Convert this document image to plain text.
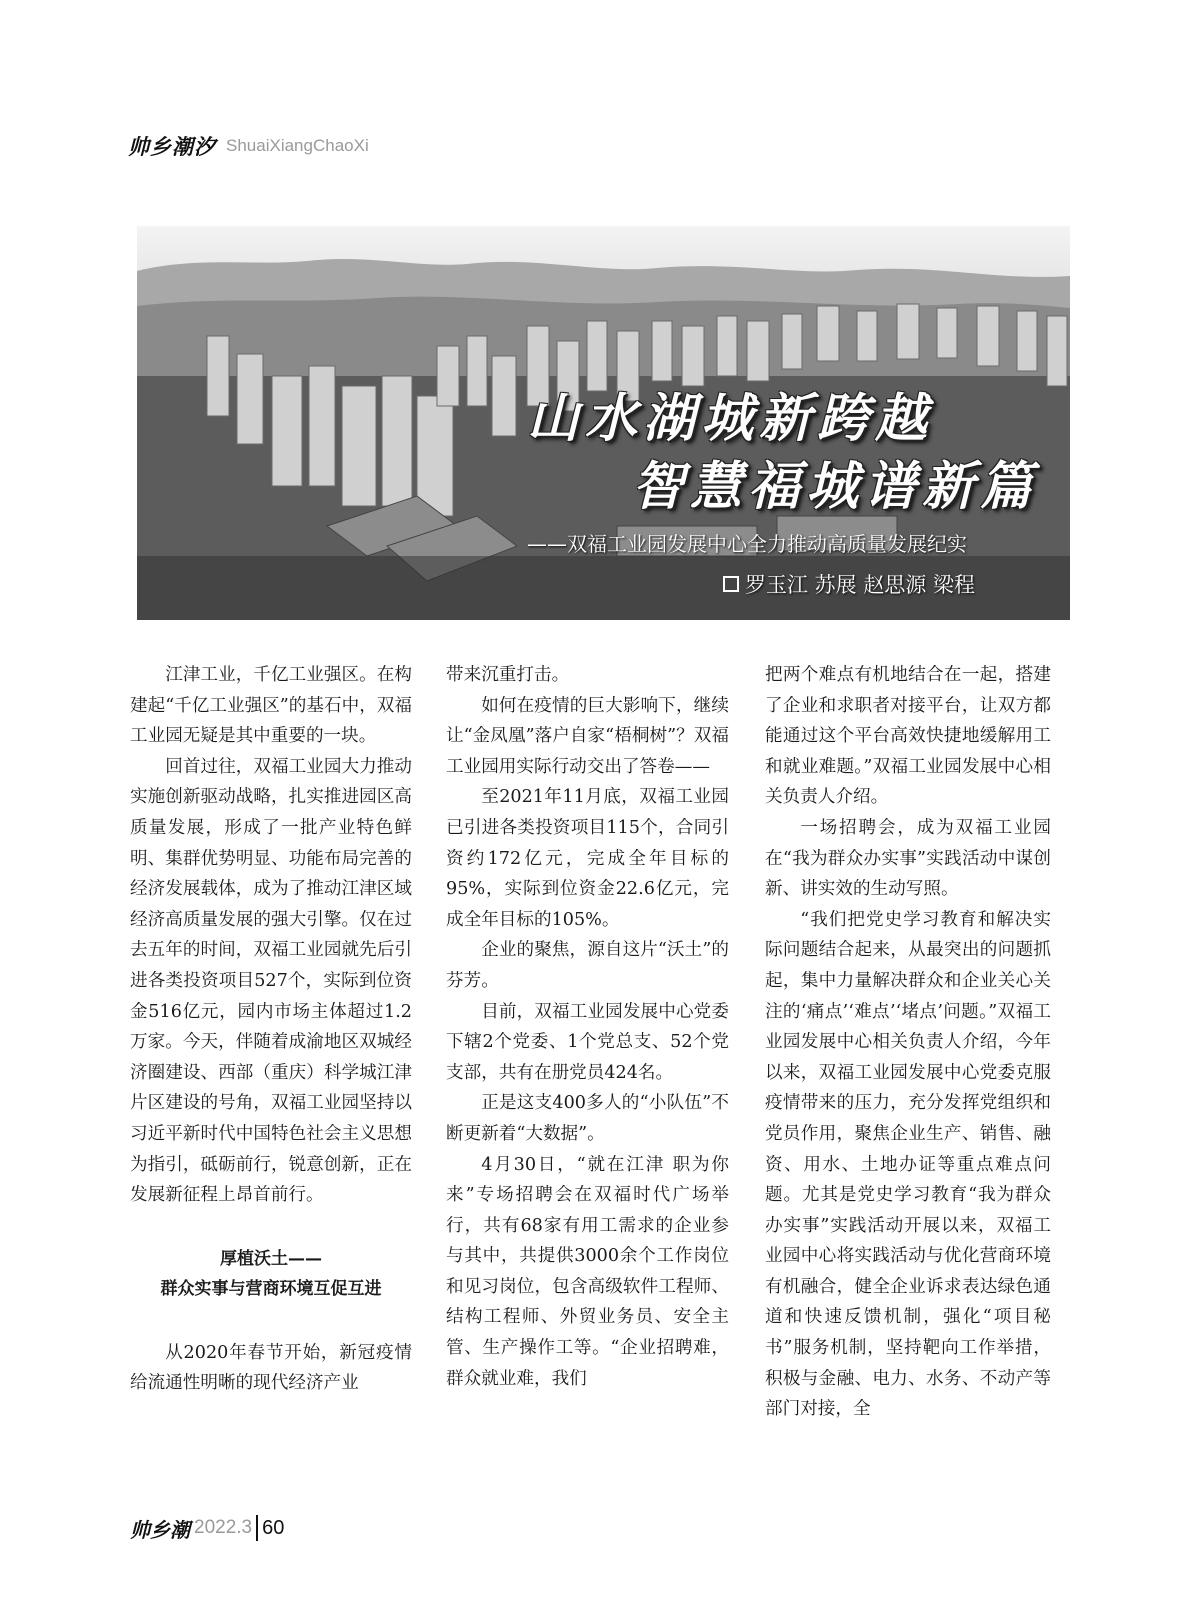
帅乡潮汐 ShuaiXiangChaoXi
山水湖城新跨越
智慧福城谱新篇
——双福工业园发展中心全力推动高质量发展纪实
罗玉江 苏展 赵思源 梁程

江津工业，千亿工业强区。在构建起“千亿工业强区”的基石中，双福工业园无疑是其中重要的一块。

回首过往，双福工业园大力推动实施创新驱动战略，扎实推进园区高质量发展，形成了一批产业特色鲜明、集群优势明显、功能布局完善的经济发展载体，成为了推动江津区域经济高质量发展的强大引擎。仅在过去五年的时间，双福工业园就先后引进各类投资项目527个，实际到位资金516亿元，园内市场主体超过1.2万家。今天，伴随着成渝地区双城经济圈建设、西部（重庆）科学城江津片区建设的号角，双福工业园坚持以习近平新时代中国特色社会主义思想为指引，砥砺前行，锐意创新，正在发展新征程上昂首前行。

厚植沃土——

群众实事与营商环境互促互进

从2020年春节开始，新冠疫情给流通性明晰的现代经济产业

带来沉重打击。

如何在疫情的巨大影响下，继续让“金凤凰”落户自家“梧桐树”？双福工业园用实际行动交出了答卷——

至2021年11月底，双福工业园已引进各类投资项目115个，合同引资约172亿元，完成全年目标的95%，实际到位资金22.6亿元，完成全年目标的105%。

企业的聚焦，源自这片“沃土”的芬芳。

目前，双福工业园发展中心党委下辖2个党委、1个党总支、52个党支部，共有在册党员424名。

正是这支400多人的“小队伍”不断更新着“大数据”。

4月30日，“就在江津 职为你来”专场招聘会在双福时代广场举行，共有68家有用工需求的企业参与其中，共提供3000余个工作岗位和见习岗位，包含高级软件工程师、结构工程师、外贸业务员、安全主管、生产操作工等。“企业招聘难，群众就业难，我们

把两个难点有机地结合在一起，搭建了企业和求职者对接平台，让双方都能通过这个平台高效快捷地缓解用工和就业难题。”双福工业园发展中心相关负责人介绍。

一场招聘会，成为双福工业园在“我为群众办实事”实践活动中谋创新、讲实效的生动写照。

“我们把党史学习教育和解决实际问题结合起来，从最突出的问题抓起，集中力量解决群众和企业关心关注的‘痛点’‘难点’‘堵点’问题。”双福工业园发展中心相关负责人介绍，今年以来，双福工业园发展中心党委克服疫情带来的压力，充分发挥党组织和党员作用，聚焦企业生产、销售、融资、用水、土地办证等重点难点问题。尤其是党史学习教育“我为群众办实事”实践活动开展以来，双福工业园中心将实践活动与优化营商环境有机融合，健全企业诉求表达绿色通道和快速反馈机制，强化“项目秘书”服务机制，坚持靶向工作举措，积极与金融、电力、水务、不动产等部门对接，全

帅乡潮 2022.3 60
